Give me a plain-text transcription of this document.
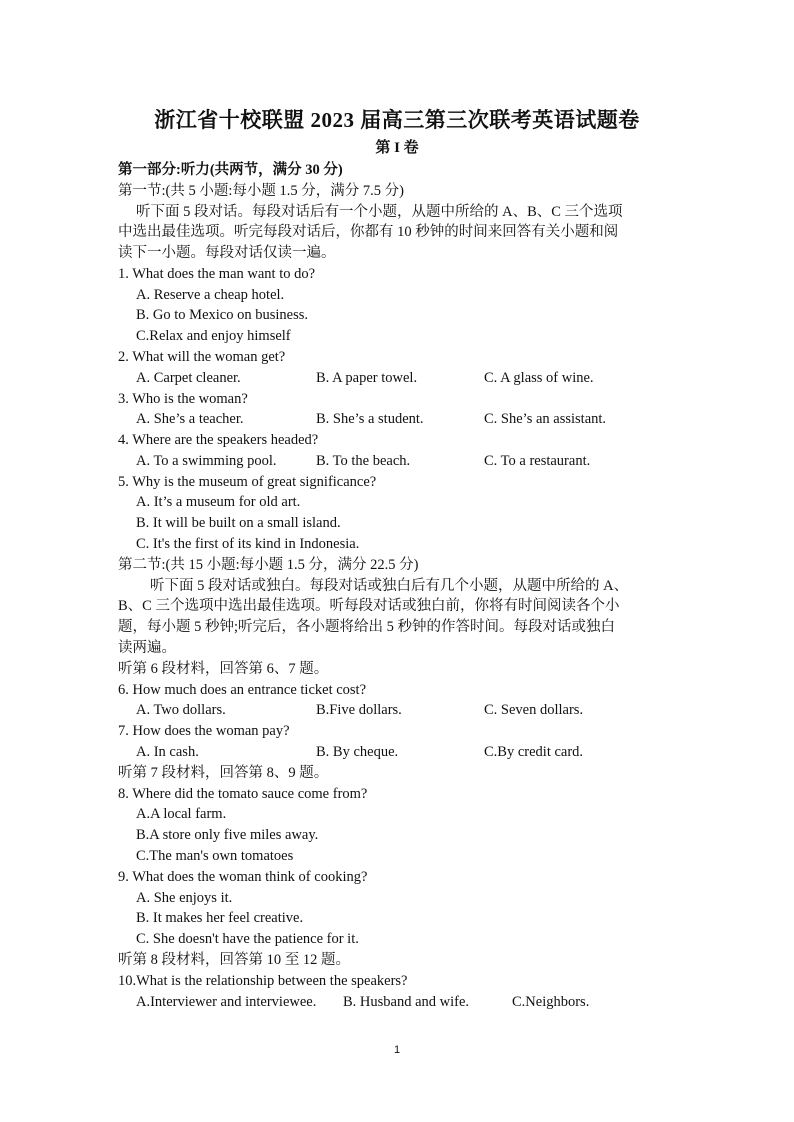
浙江省十校联盟 2023 届高三第三次联考英语试题卷
第 I 卷
第一部分:听力(共两节，满分 30 分)
第一节:(共 5 小题:每小题 1.5 分，满分 7.5 分)
听下面 5 段对话。每段对话后有一个小题，从题中所给的 A、B、C 三个选项
中选出最佳选项。听完每段对话后，你都有 10 秒钟的时间来回答有关小题和阅
读下一小题。每段对话仅读一遍。
1. What does the man want to do?
A. Reserve a cheap hotel.
B. Go to Mexico on business.
C.Relax and enjoy himself
2. What will the woman get?
A. Carpet cleaner.	B. A paper towel.	C. A glass of wine.
3. Who is the woman?
A. She’s a teacher.	B. She’s a student.	C. She’s an assistant.
4. Where are the speakers headed?
A. To a swimming pool.	B. To the beach.	C. To a restaurant.
5. Why is the museum of great significance?
A. It’s a museum for old art.
B. It will be built on a small island.
C. It's the first of its kind in Indonesia.
第二节:(共 15 小题:每小题 1.5 分，满分 22.5 分)
听下面 5 段对话或独白。每段对话或独白后有几个小题，从题中所给的 A、
B、C 三个选项中选出最佳选项。听每段对话或独白前，你将有时间阅读各个小
题，每小题 5 秒钟;听完后，各小题将给出 5 秒钟的作答时间。每段对话或独白
读两遍。
听第 6 段材料，回答第 6、7 题。
6. How much does an entrance ticket cost?
A. Two dollars.	B.Five dollars.	C. Seven dollars.
7. How does the woman pay?
A. In cash.	B. By cheque.	C.By credit card.
听第 7 段材料，回答第 8、9 题。
8. Where did the tomato sauce come from?
A.A local farm.
B.A store only five miles away.
C.The man's own tomatoes
9. What does the woman think of cooking?
A. She enjoys it.
B. It makes her feel creative.
C. She doesn't have the patience for it.
听第 8 段材料，回答第 10 至 12 题。
10.What is the relationship between the speakers?
A.Interviewer and interviewee. B. Husband and wife.	C.Neighbors.
1
